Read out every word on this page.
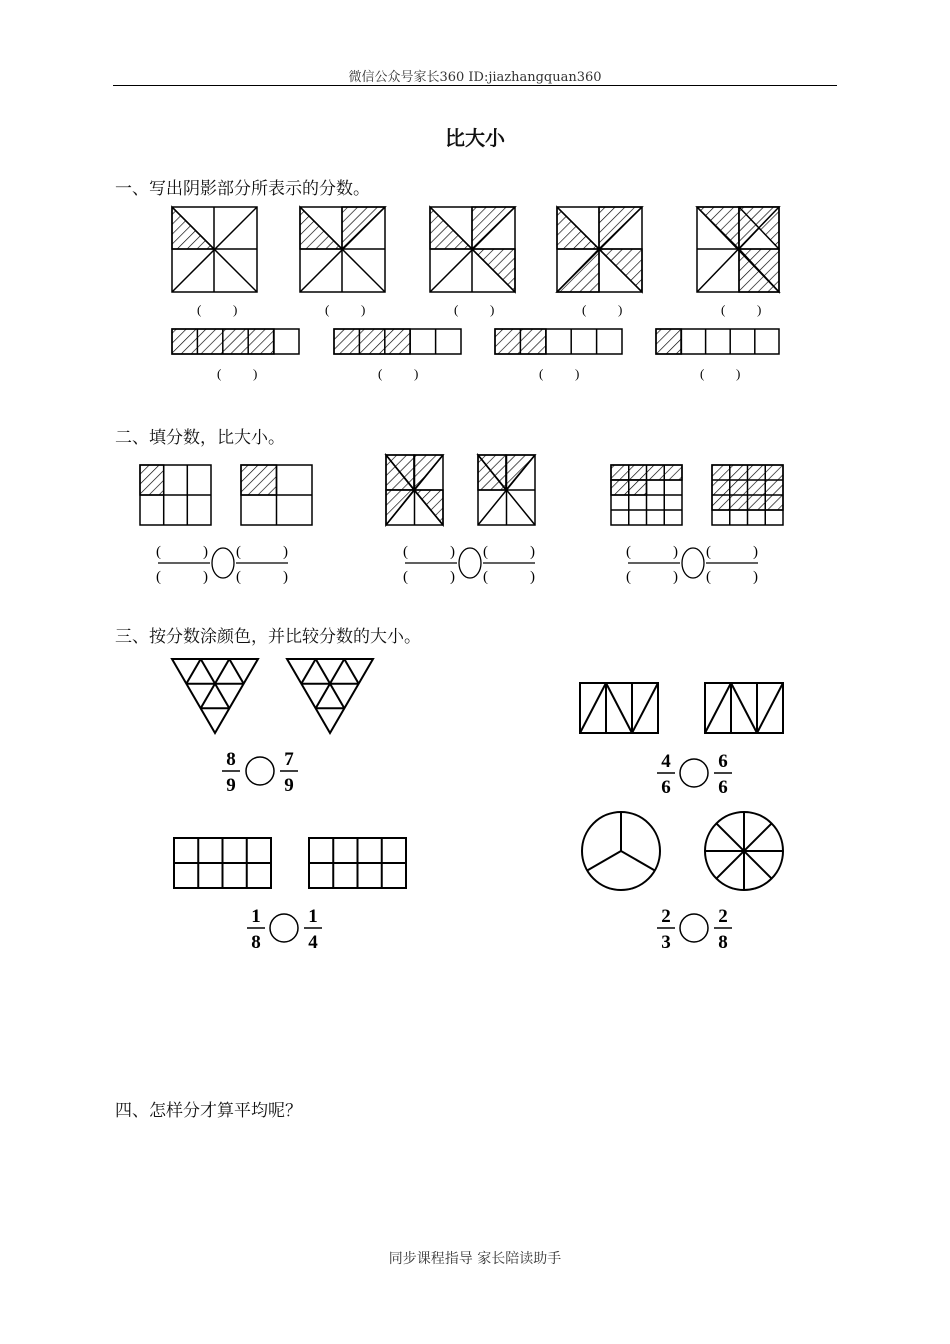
微信公众号家长360 ID:jiazhangquan360
比大小
一、写出阴影部分所表示的分数。
二、填分数，比大小。
三、按分数涂颜色，并比较分数的大小。
四、怎样分才算平均呢？
( )	( )	( )	( )	( )
( )	( )	( )	( )
(	)
(	)
(	)
(	)
(	)
(	)
(	)
(	)
(	)
(	)
(	)
(	)
8
9
7
9
4
6
6
6
1
8
1
4
2
3
2
8
同步课程指导 家长陪读助手
